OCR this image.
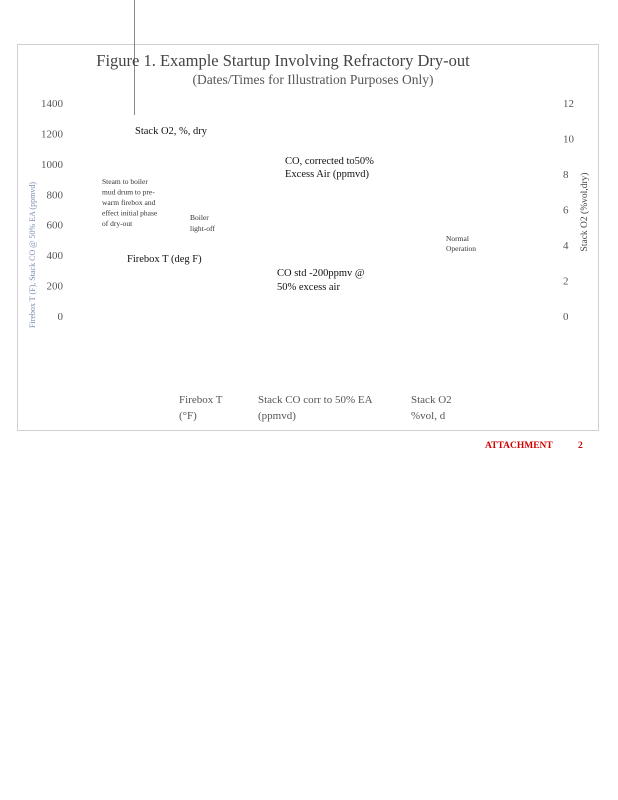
Figure 1. Example Startup Involving Refractory Dry-out
(Dates/Times for Illustration Purposes Only)
1400
1200
1000
800
600
400
200
0
12
10
8
6
4
2
0
Firebox T (F), Stack CO @ 50% EA (ppmvd)	Stack O2 (%vol,dry)
Stack O2, %, dry
CO, corrected to50%
Excess Air (ppmvd)
Steam to boiler
mud drum to pre-
warm firebox and
effect initial phase
of dry-out
Boiler
light-off
Normal
Operation
Firebox T (deg F)
CO std -200ppmv @
50% excess air
Firebox T
(°F)
Stack CO corr to 50% EA
(ppmvd)
Stack O2
%vol, d
ATTACHMENT	2
